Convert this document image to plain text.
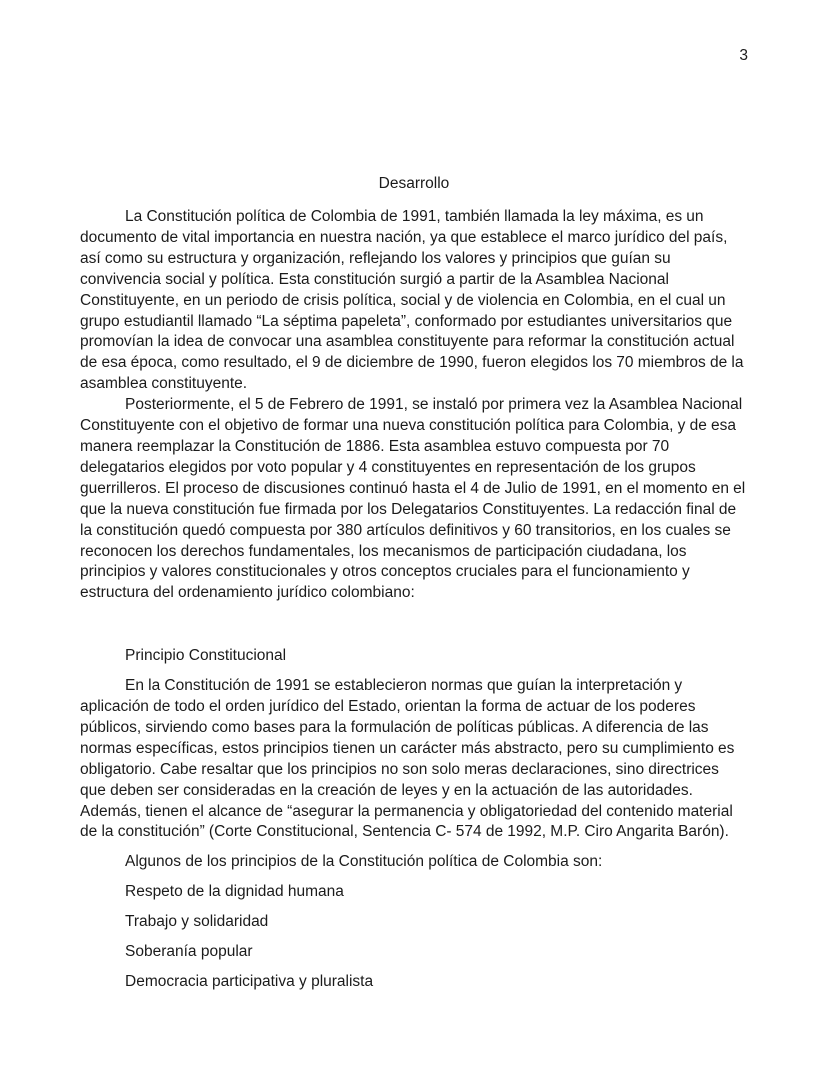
3
Desarrollo

La Constitución política de Colombia de 1991, también llamada la ley máxima, es un documento de vital importancia en nuestra nación, ya que establece el marco jurídico del país, así como su estructura y organización, reflejando los valores y principios que guían su convivencia social y política. Esta constitución surgió a partir de la Asamblea Nacional Constituyente, en un periodo de crisis política, social y de violencia en Colombia, en el cual un grupo estudiantil llamado “La séptima papeleta”, conformado por estudiantes universitarios que promovían la idea de convocar una asamblea constituyente para reformar la constitución actual de esa época, como resultado, el 9 de diciembre de 1990, fueron elegidos los 70 miembros de la asamblea constituyente.

Posteriormente, el 5 de Febrero de 1991, se instaló por primera vez la Asamblea Nacional Constituyente con el objetivo de formar una nueva constitución política para Colombia, y de esa manera reemplazar la Constitución de 1886. Esta asamblea estuvo compuesta por 70 delegatarios elegidos por voto popular y 4 constituyentes en representación de los grupos guerrilleros. El proceso de discusiones continuó hasta el 4 de Julio de 1991, en el momento en el que la nueva constitución fue firmada por los Delegatarios Constituyentes. La redacción final de la constitución quedó compuesta por 380 artículos definitivos y 60 transitorios, en los cuales se reconocen los derechos fundamentales, los mecanismos de participación ciudadana, los principios y valores constitucionales y otros conceptos cruciales para el funcionamiento y estructura del ordenamiento jurídico colombiano:

Principio Constitucional

En la Constitución de 1991 se establecieron normas que guían la interpretación y aplicación de todo el orden jurídico del Estado, orientan la forma de actuar de los poderes públicos, sirviendo como bases para la formulación de políticas públicas. A diferencia de las normas específicas, estos principios tienen un carácter más abstracto, pero su cumplimiento es obligatorio. Cabe resaltar que los principios no son solo meras declaraciones, sino directrices que deben ser consideradas en la creación de leyes y en la actuación de las autoridades. Además, tienen el alcance de “asegurar la permanencia y obligatoriedad del contenido material de la constitución” (Corte Constitucional, Sentencia C- 574 de 1992, M.P. Ciro Angarita Barón).

Algunos de los principios de la Constitución política de Colombia son:

Respeto de la dignidad humana
Trabajo y solidaridad
Soberanía popular
Democracia participativa y pluralista
